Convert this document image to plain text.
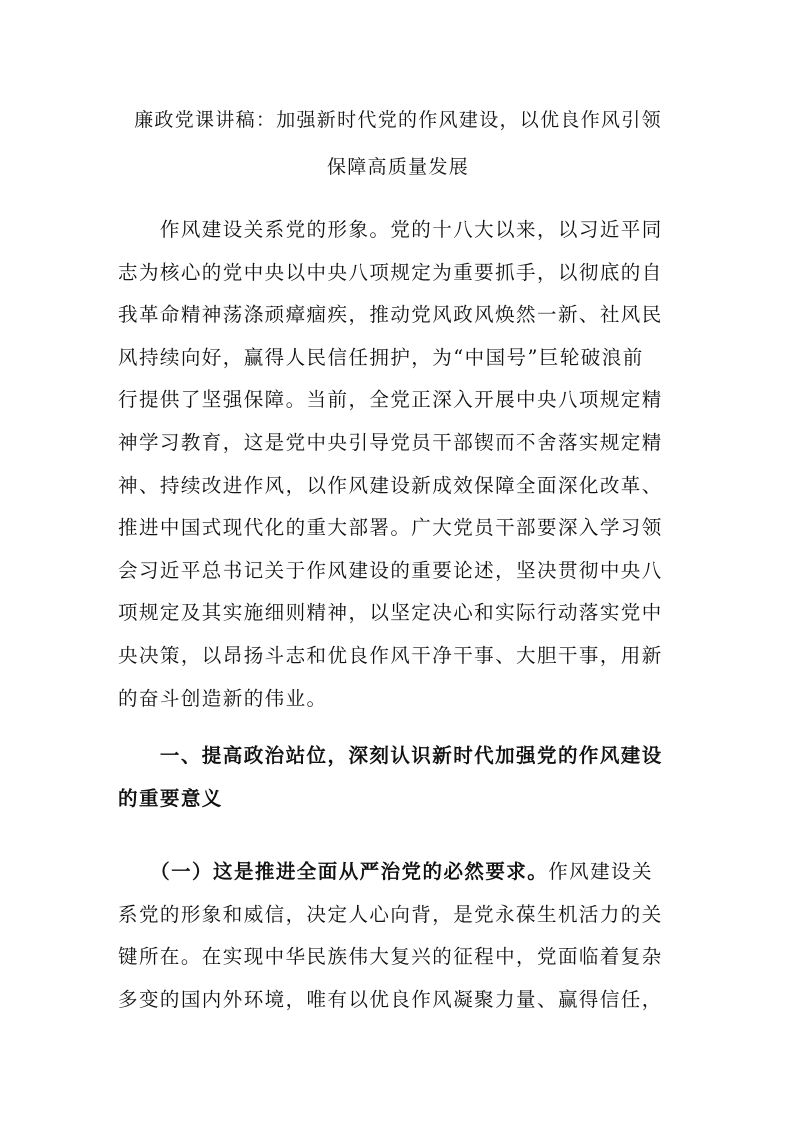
廉政党课讲稿：加强新时代党的作风建设，以优良作风引领
保障高质量发展

　　作风建设关系党的形象。党的十八大以来，以习近平同
志为核心的党中央以中央八项规定为重要抓手，以彻底的自
我革命精神荡涤顽瘴痼疾，推动党风政风焕然一新、社风民
风持续向好，赢得人民信任拥护，为“中国号”巨轮破浪前
行提供了坚强保障。当前，全党正深入开展中央八项规定精
神学习教育，这是党中央引导党员干部锲而不舍落实规定精
神、持续改进作风，以作风建设新成效保障全面深化改革、
推进中国式现代化的重大部署。广大党员干部要深入学习领
会习近平总书记关于作风建设的重要论述，坚决贯彻中央八
项规定及其实施细则精神，以坚定决心和实际行动落实党中
央决策，以昂扬斗志和优良作风干净干事、大胆干事，用新
的奋斗创造新的伟业。

　　一、提高政治站位，深刻认识新时代加强党的作风建设
的重要意义

　　（一）这是推进全面从严治党的必然要求。作风建设关
系党的形象和威信，决定人心向背，是党永葆生机活力的关
键所在。在实现中华民族伟大复兴的征程中，党面临着复杂
多变的国内外环境，唯有以优良作风凝聚力量、赢得信任，
